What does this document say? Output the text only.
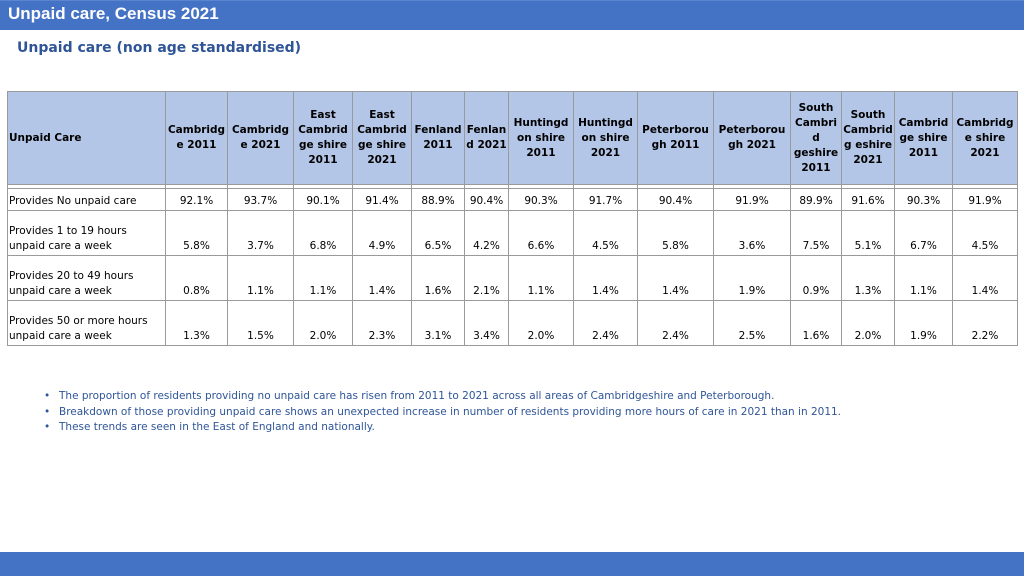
Unpaid care, Census 2021
Unpaid care (non age standardised)
Unpaid Care	Cambridge 2011	Cambridge 2021	East Cambridge shire 2011	East Cambridge shire 2021	Fenland 2011	Fenland 2021	Huntingdon shire 2011	Huntingdon shire 2021	Peterborough 2011	Peterborough 2021	South Cambrid geshire 2011	South Cambridg eshire 2021	Cambridge shire 2011	Cambridge shire 2021

Provides No unpaid care	92.1%	93.7%	90.1%	91.4%	88.9%	90.4%	90.3%	91.7%	90.4%	91.9%	89.9%	91.6%	90.3%	91.9%
Provides 1 to 19 hours unpaid care a week	5.8%	3.7%	6.8%	4.9%	6.5%	4.2%	6.6%	4.5%	5.8%	3.6%	7.5%	5.1%	6.7%	4.5%
Provides 20 to 49 hours unpaid care a week	0.8%	1.1%	1.1%	1.4%	1.6%	2.1%	1.1%	1.4%	1.4%	1.9%	0.9%	1.3%	1.1%	1.4%
Provides 50 or more hours unpaid care a week	1.3%	1.5%	2.0%	2.3%	3.1%	3.4%	2.0%	2.4%	2.4%	2.5%	1.6%	2.0%	1.9%	2.2%
• The proportion of residents providing no unpaid care has risen from 2011 to 2021 across all areas of Cambridgeshire and Peterborough.
• Breakdown of those providing unpaid care shows an unexpected increase in number of residents providing more hours of care in 2021 than in 2011.
• These trends are seen in the East of England and nationally.
